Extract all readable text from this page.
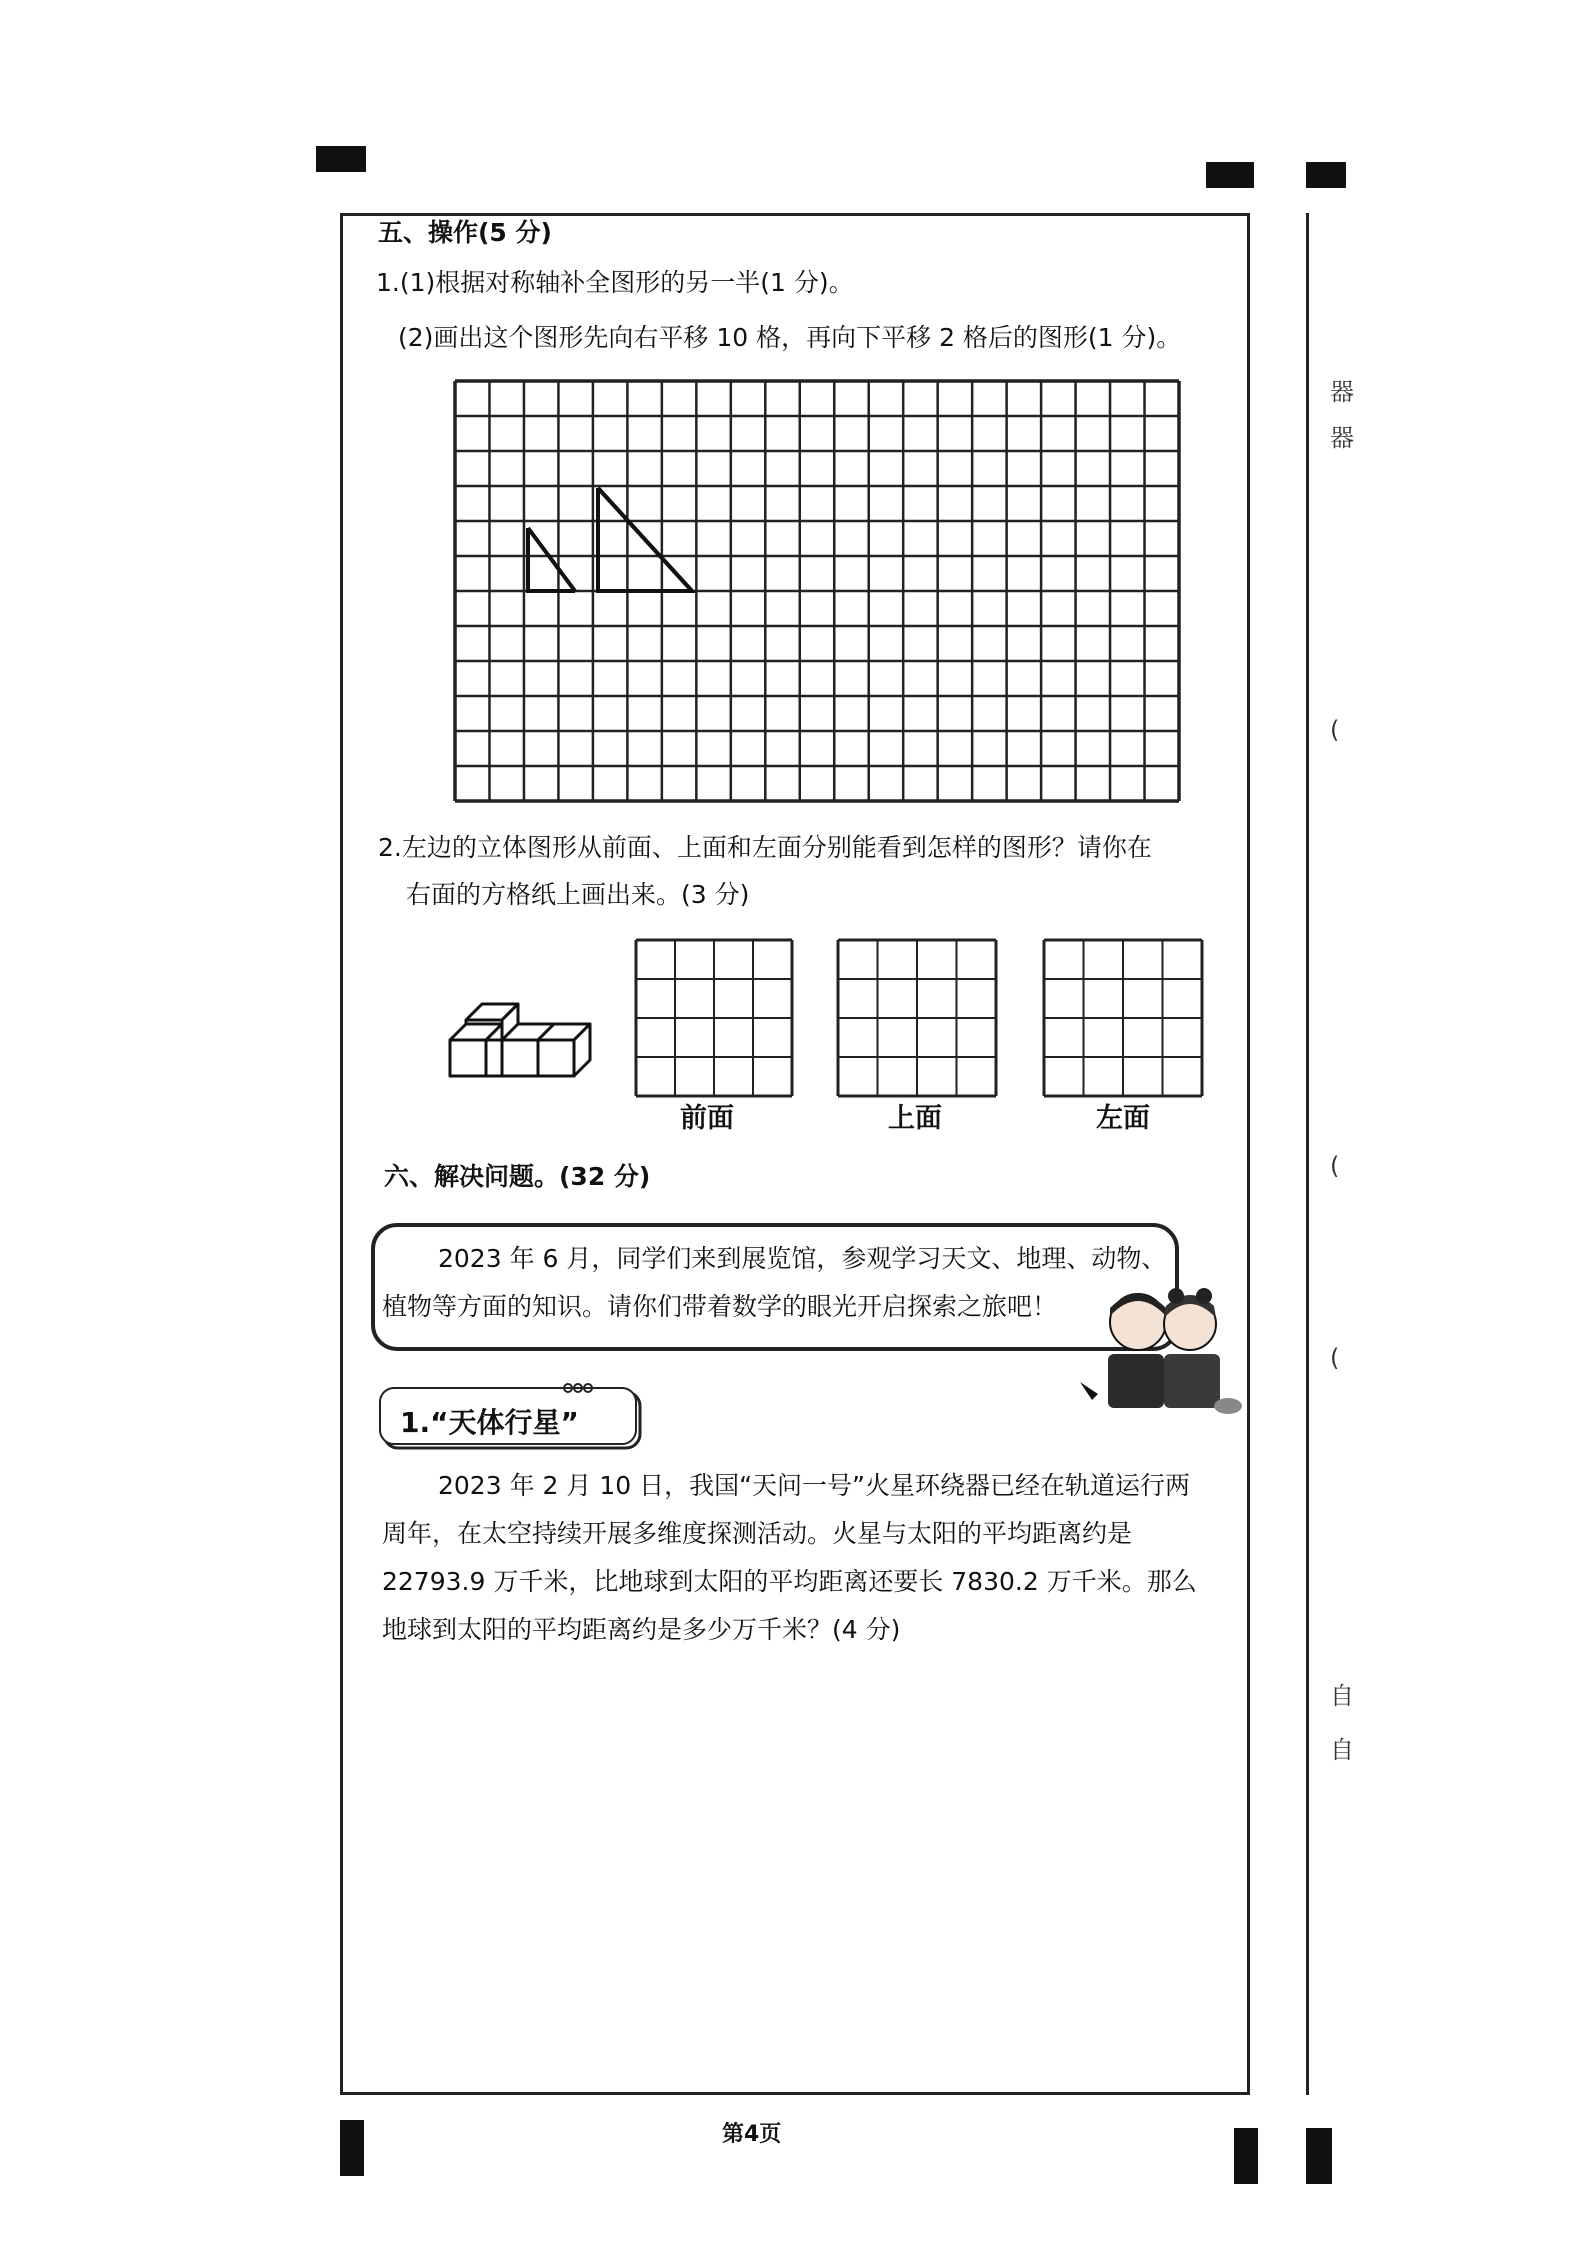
器
器
(
(
(
自
自
五、操作(5 分)
1.(1)根据对称轴补全图形的另一半(1 分)。
(2)画出这个图形先向右平移 10 格，再向下平移 2 格后的图形(1 分)。
2.左边的立体图形从前面、上面和左面分别能看到怎样的图形？请你在
右面的方格纸上画出来。(3 分)
前面	上面	左面
六、解决问题。(32 分)
2023 年 6 月，同学们来到展览馆，参观学习天文、地理、动物、
植物等方面的知识。请你们带着数学的眼光开启探索之旅吧！
1.“天体行星”
2023 年 2 月 10 日，我国“天问一号”火星环绕器已经在轨道运行两
周年，在太空持续开展多维度探测活动。火星与太阳的平均距离约是
22793.9 万千米，比地球到太阳的平均距离还要长 7830.2 万千米。那么
地球到太阳的平均距离约是多少万千米？(4 分)
第4页
